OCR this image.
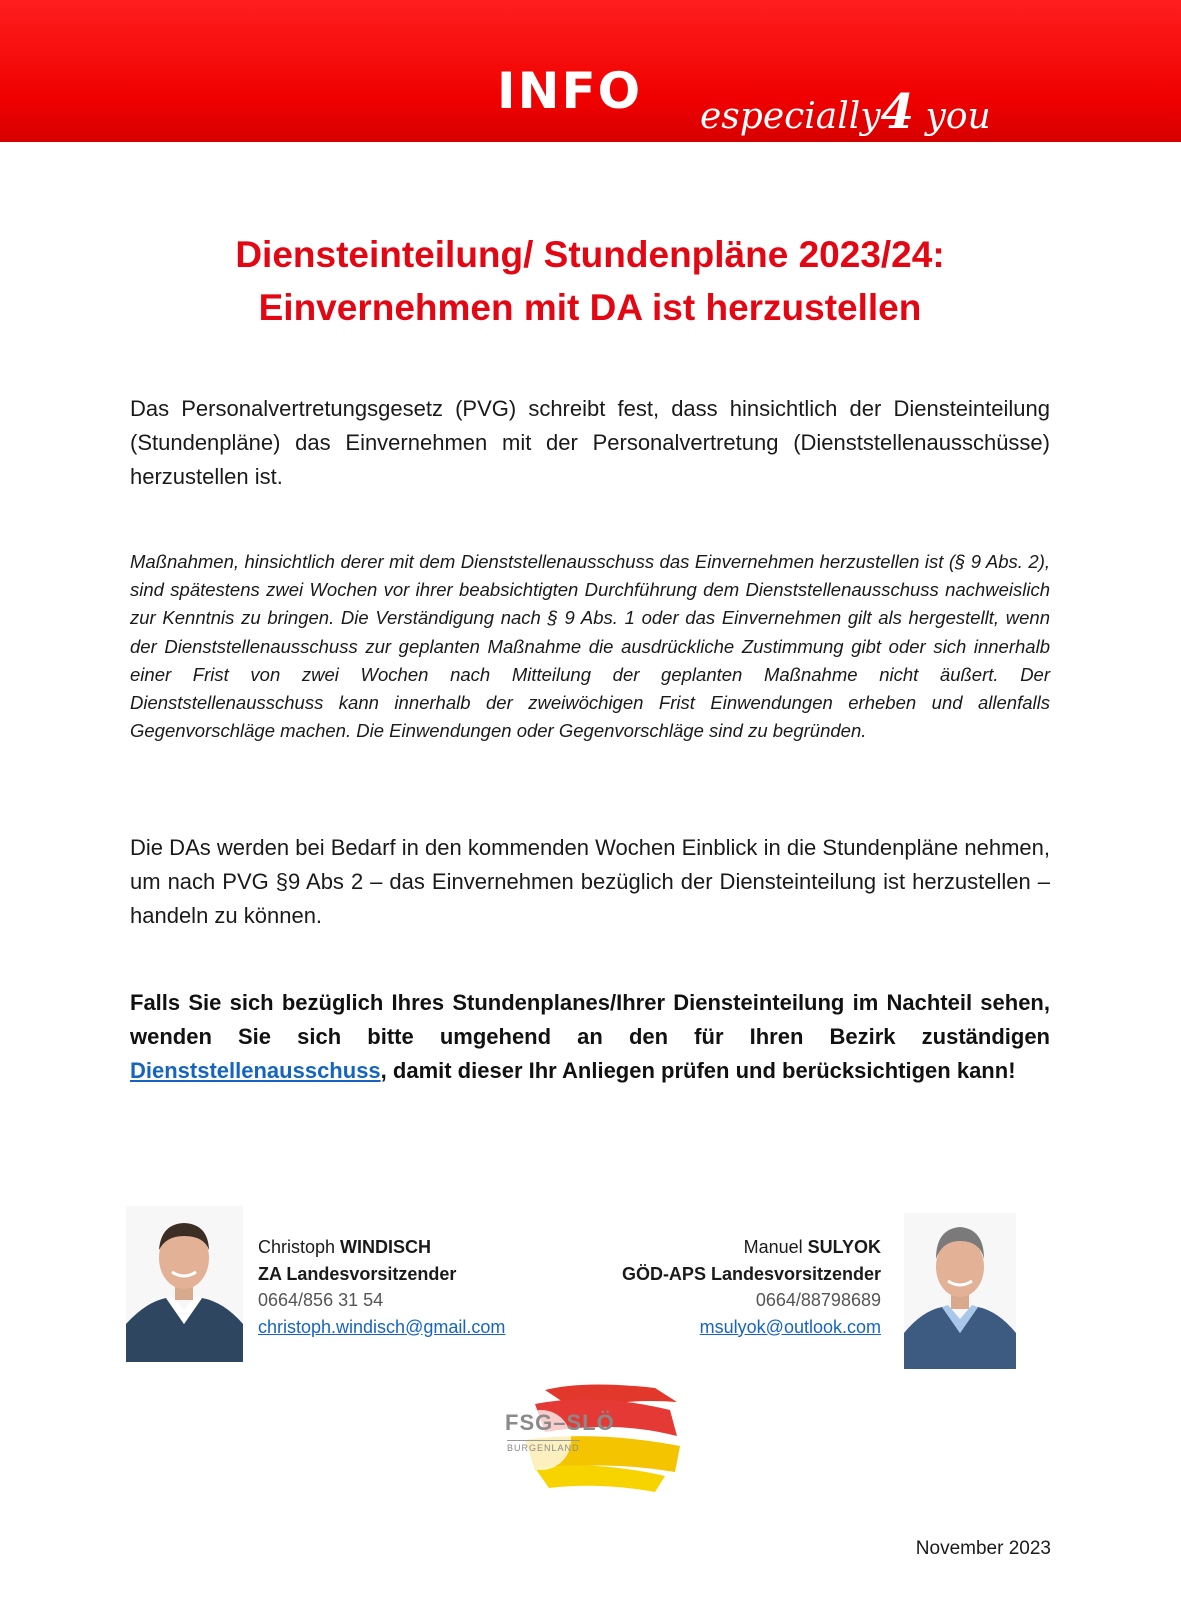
INFO especially4 you
Diensteinteilung/ Stundenpläne 2023/24:
Einvernehmen mit DA ist herzustellen
Das Personalvertretungsgesetz (PVG) schreibt fest, dass hinsichtlich der Diensteinteilung (Stundenpläne) das Einvernehmen mit der Personalvertretung (Dienststellenausschüsse) herzustellen ist.
Maßnahmen, hinsichtlich derer mit dem Dienststellenausschuss das Einvernehmen herzustellen ist (§ 9 Abs. 2), sind spätestens zwei Wochen vor ihrer beabsichtigten Durchführung dem Dienststellenausschuss nachweislich zur Kenntnis zu bringen. Die Verständigung nach § 9 Abs. 1 oder das Einvernehmen gilt als hergestellt, wenn der Dienststellenausschuss zur geplanten Maßnahme die ausdrückliche Zustimmung gibt oder sich innerhalb einer Frist von zwei Wochen nach Mitteilung der geplanten Maßnahme nicht äußert. Der Dienststellenausschuss kann innerhalb der zweiwöchigen Frist Einwendungen erheben und allenfalls Gegenvorschläge machen. Die Einwendungen oder Gegenvorschläge sind zu begründen.
Die DAs werden bei Bedarf in den kommenden Wochen Einblick in die Stundenpläne nehmen, um nach PVG §9 Abs 2 – das Einvernehmen bezüglich der Diensteinteilung ist herzustellen – handeln zu können.
Falls Sie sich bezüglich Ihres Stundenplanes/Ihrer Diensteinteilung im Nachteil sehen, wenden Sie sich bitte umgehend an den für Ihren Bezirk zuständigen Dienststellenausschuss, damit dieser Ihr Anliegen prüfen und berücksichtigen kann!
Christoph WINDISCH
ZA Landesvorsitzender
0664/856 31 54
christoph.windisch@gmail.com
Manuel SULYOK
GÖD-APS Landesvorsitzender
0664/88798689
msulyok@outlook.com
FSG–SLÖ
BURGENLAND
November 2023
